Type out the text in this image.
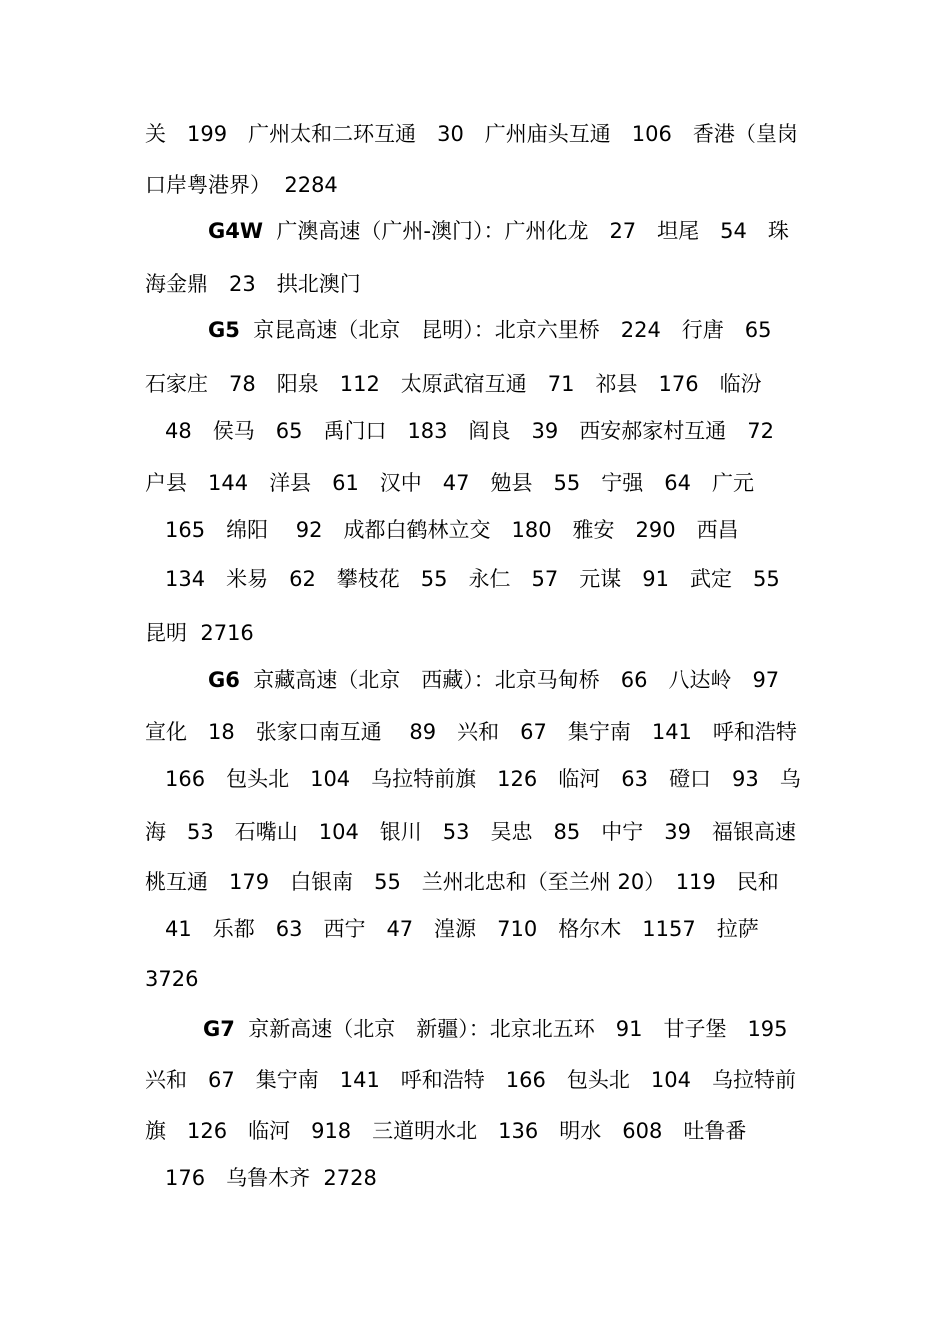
关　199　广州太和二环互通　30　广州庙头互通　106　香港（皇岗
口岸粤港界）  2284
G4W 广澳高速（广州-澳门）：广州化龙　27　坦尾　54　珠
海金鼎　23　拱北澳门
G5 京昆高速（北京　昆明）：北京六里桥　224　行唐　65
石家庄　78　阳泉　112　太原武宿互通　71　祁县　176　临汾
48　侯马　65　禹门口　183　阎良　39　西安郝家村互通　72
户县　144　洋县　61　汉中　47　勉县　55　宁强　64　广元
165　绵阳　 92　成都白鹤林立交　180　雅安　290　西昌
134　米易　62　攀枝花　55　永仁　57　元谋　91　武定　55
昆明  2716
G6 京藏高速（北京　西藏）：北京马甸桥　66　八达岭　97
宣化　18　张家口南互通　 89　兴和　67　集宁南　141　呼和浩特
166　包头北　104　乌拉特前旗　126　临河　63　磴口　93　乌
海　53　石嘴山　104　银川　53　吴忠　85　中宁　39　福银高速
桃互通　179　白银南　55　兰州北忠和（至兰州 20）　119　民和
41　乐都　63　西宁　47　湟源　710　格尔木　1157　拉萨
3726
G7 京新高速（北京　新疆）：北京北五环　91　甘子堡　195
兴和　67　集宁南　141　呼和浩特　166　包头北　104　乌拉特前
旗　126　临河　918　三道明水北　136　明水　608　吐鲁番
176　乌鲁木齐  2728
